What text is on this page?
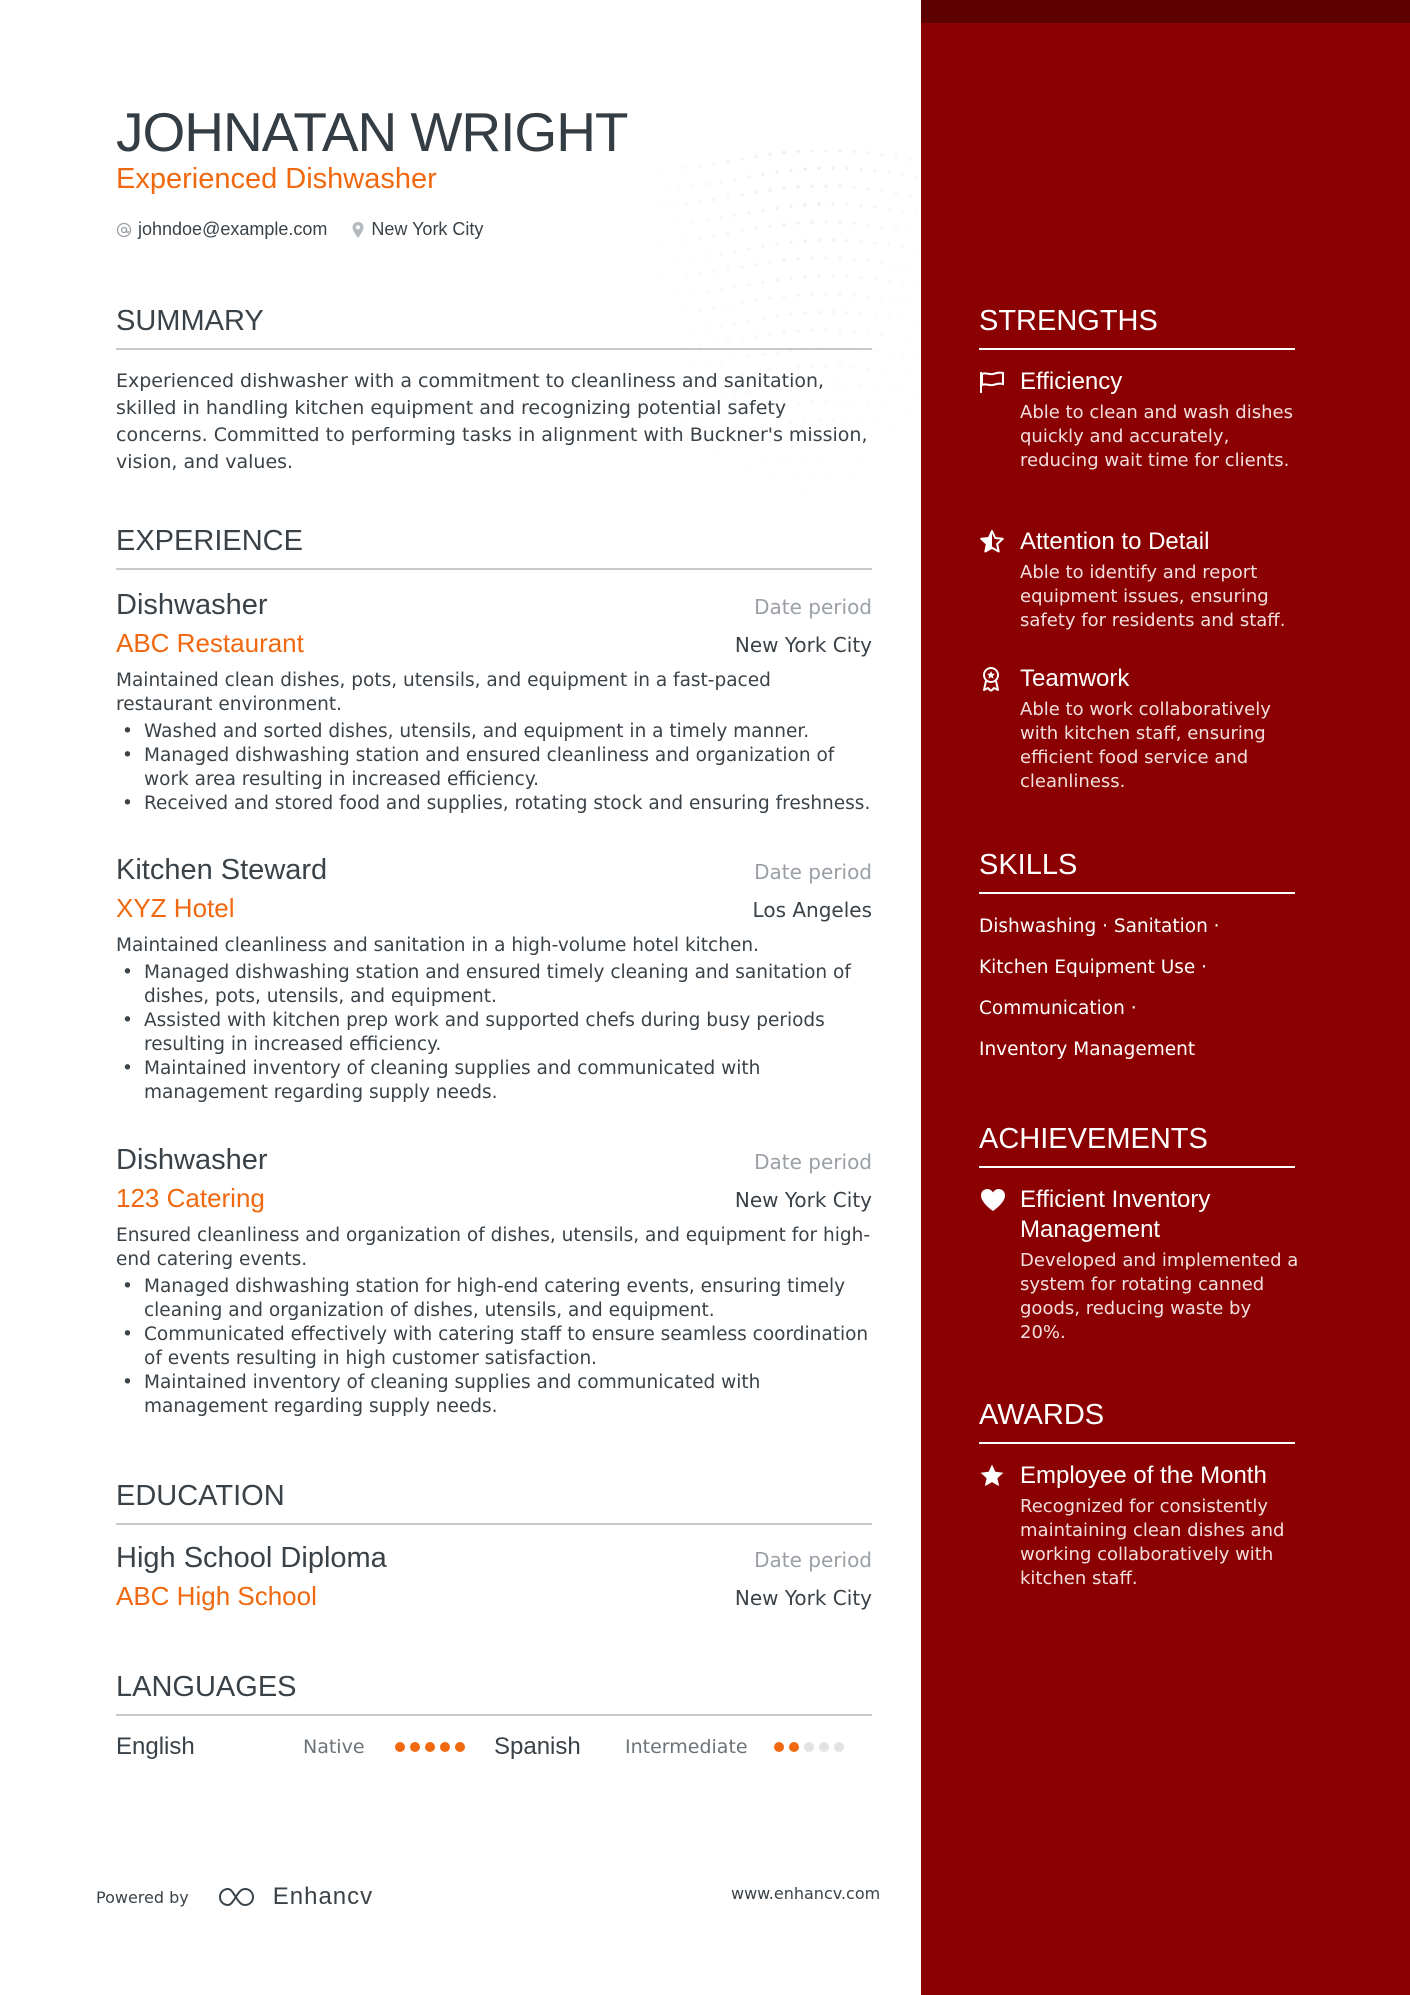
JOHNATAN WRIGHT
Experienced Dishwasher
johndoe@example.com New York City
SUMMARY

Experienced dishwasher with a commitment to cleanliness and sanitation, skilled in handling kitchen equipment and recognizing potential safety concerns. Committed to performing tasks in alignment with Buckner's mission, vision, and values.

EXPERIENCE
Dishwasher	Date period
ABC Restaurant	New York City

Maintained clean dishes, pots, utensils, and equipment in a fast-paced restaurant environment.

• Washed and sorted dishes, utensils, and equipment in a timely manner.
• Managed dishwashing station and ensured cleanliness and organization of work area resulting in increased efficiency.
• Received and stored food and supplies, rotating stock and ensuring freshness.
Kitchen Steward	Date period
XYZ Hotel	Los Angeles

Maintained cleanliness and sanitation in a high-volume hotel kitchen.

• Managed dishwashing station and ensured timely cleaning and sanitation of dishes, pots, utensils, and equipment.
• Assisted with kitchen prep work and supported chefs during busy periods resulting in increased efficiency.
• Maintained inventory of cleaning supplies and communicated with management regarding supply needs.
Dishwasher	Date period
123 Catering	New York City

Ensured cleanliness and organization of dishes, utensils, and equipment for high-end catering events.

• Managed dishwashing station for high-end catering events, ensuring timely cleaning and organization of dishes, utensils, and equipment.
• Communicated effectively with catering staff to ensure seamless coordination of events resulting in high customer satisfaction.
• Maintained inventory of cleaning supplies and communicated with management regarding supply needs.
EDUCATION
High School Diploma	Date period
ABC High School	New York City
LANGUAGES
English	Native	Spanish	Intermediate
Powered by	Enhancv	www.enhancv.com
STRENGTHS
Efficiency

Able to clean and wash dishes quickly and accurately, reducing wait time for clients.

Attention to Detail

Able to identify and report equipment issues, ensuring safety for residents and staff.

Teamwork

Able to work collaboratively with kitchen staff, ensuring efficient food service and cleanliness.

SKILLS
Dishwashing · Sanitation ·
Kitchen Equipment Use ·
Communication ·
Inventory Management
ACHIEVEMENTS
Efficient Inventory Management

Developed and implemented a system for rotating canned goods, reducing waste by 20%.

AWARDS
Employee of the Month

Recognized for consistently maintaining clean dishes and working collaboratively with kitchen staff.
